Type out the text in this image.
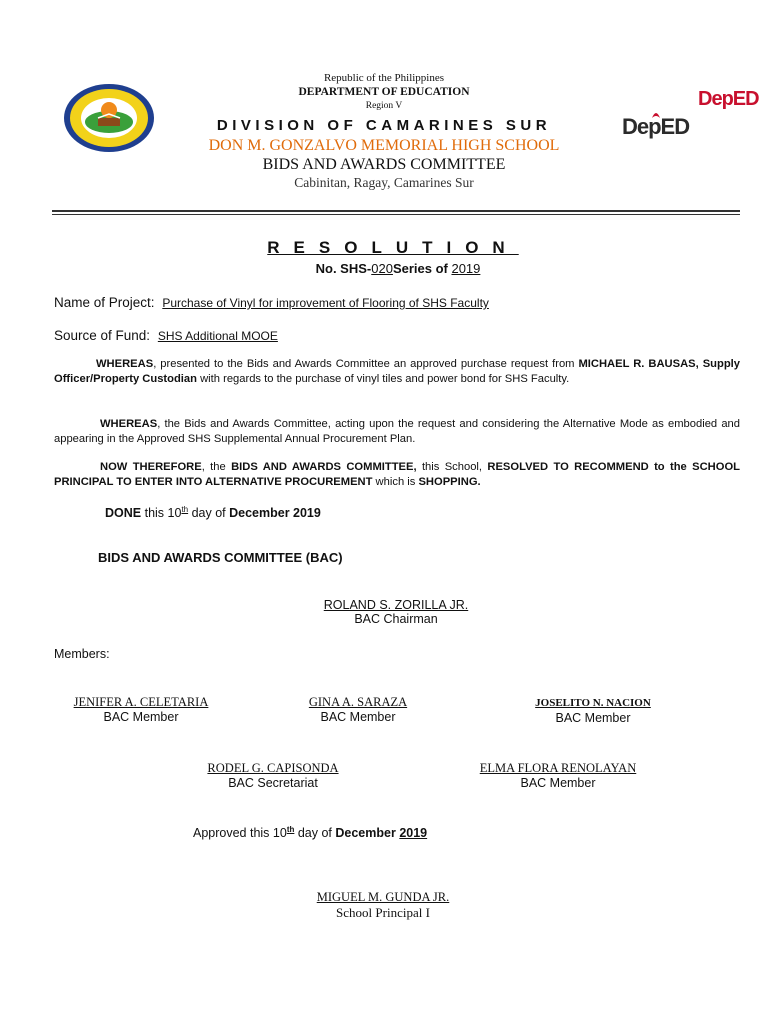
Republic of the Philippines
DEPARTMENT OF EDUCATION
Region V
DIVISION OF CAMARINES SUR
DON M. GONZALVO MEMORIAL HIGH SCHOOL
BIDS AND AWARDS COMMITTEE
Cabinitan, Ragay, Camarines Sur
DepED
DepED
RESOLUTION
No. SHS-020Series of 2019
Name of Project: Purchase of Vinyl for improvement of Flooring of SHS Faculty
Source of Fund: SHS Additional MOOE
WHEREAS, presented to the Bids and Awards Committee an approved purchase request from MICHAEL R. BAUSAS, Supply Officer/Property Custodian with regards to the purchase of vinyl tiles and power bond for SHS Faculty.
WHEREAS, the Bids and Awards Committee, acting upon the request and considering the Alternative Mode as embodied and appearing in the Approved SHS Supplemental Annual Procurement Plan.
NOW THEREFORE, the BIDS AND AWARDS COMMITTEE, this School, RESOLVED TO RECOMMEND to the SCHOOL PRINCIPAL TO ENTER INTO ALTERNATIVE PROCUREMENT which is SHOPPING.
DONE this 10th day of December 2019
BIDS AND AWARDS COMMITTEE (BAC)
ROLAND S. ZORILLA JR.
BAC Chairman
Members:
JENIFER A. CELETARIA
BAC Member
GINA A. SARAZA
BAC Member
JOSELITO N. NACION
BAC Member
RODEL G. CAPISONDA
BAC Secretariat
ELMA FLORA RENOLAYAN
BAC Member
Approved this 10th day of December 2019
MIGUEL M. GUNDA JR.
School Principal I
